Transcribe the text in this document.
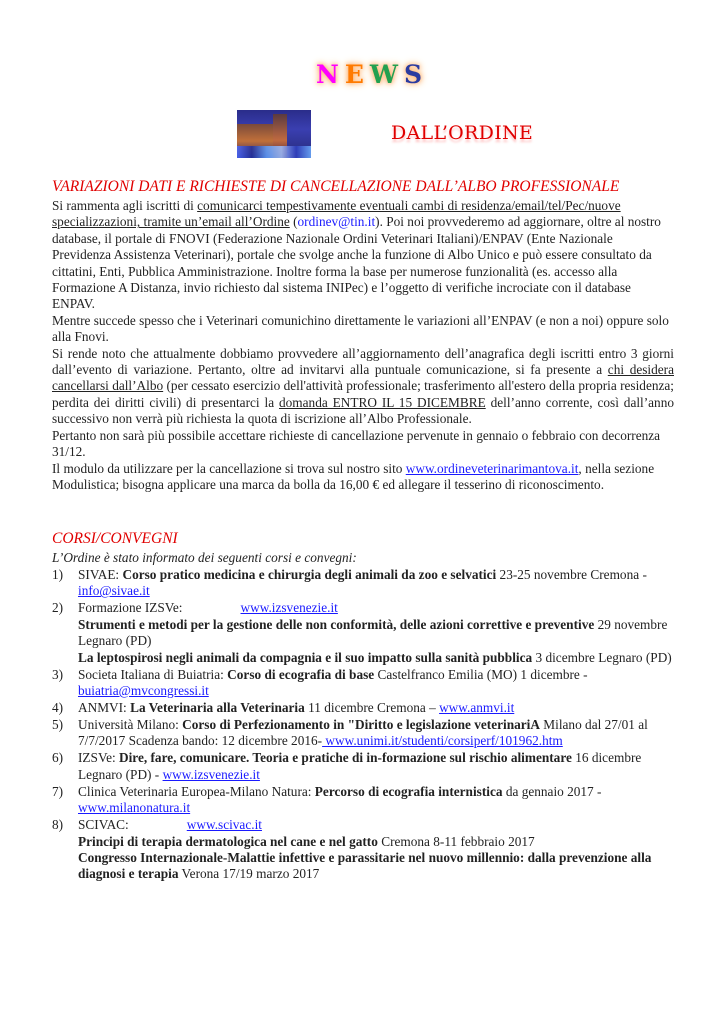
NEWS
DALL’ORDINE
VARIAZIONI DATI E RICHIESTE DI CANCELLAZIONE DALL’ALBO PROFESSIONALE

Si rammenta agli iscritti di comunicarci tempestivamente eventuali cambi di residenza/email/tel/Pec/nuove specializzazioni, tramite un’email all’Ordine (ordinev@tin.it). Poi noi provvederemo ad aggiornare, oltre al nostro database, il portale di FNOVI (Federazione Nazionale Ordini Veterinari Italiani)/ENPAV (Ente Nazionale Previdenza Assistenza Veterinari), portale che svolge anche la funzione di Albo Unico e può essere consultato da cittatini, Enti, Pubblica Amministrazione. Inoltre forma la base per numerose funzionalità (es. accesso alla Formazione A Distanza, invio richiesto dal sistema INIPec) e l’oggetto di verifiche incrociate con il database ENPAV.

Mentre succede spesso che i Veterinari comunichino direttamente le variazioni all’ENPAV (e non a noi) oppure solo alla Fnovi.

Si rende noto che attualmente dobbiamo provvedere all’aggiornamento dell’anagrafica degli iscritti entro 3 giorni dall’evento di variazione. Pertanto, oltre ad invitarvi alla puntuale comunicazione, si fa presente a chi desidera cancellarsi dall’Albo (per cessato esercizio dell'attività professionale; trasferimento all'estero della propria residenza; perdita dei diritti civili) di presentarci la domanda ENTRO IL 15 DICEMBRE dell’anno corrente, così dall’anno successivo non verrà più richiesta la quota di iscrizione all’Albo Professionale.

Pertanto non sarà più possibile accettare richieste di cancellazione pervenute in gennaio o febbraio con decorrenza 31/12.

Il modulo da utilizzare per la cancellazione si trova sul nostro sito www.ordineveterinarimantova.it, nella sezione Modulistica; bisogna applicare una marca da bolla da 16,00 € ed allegare il tesserino di riconoscimento.

CORSI/CONVEGNI

L’Ordine è stato informato dei seguenti corsi e convegni:

1)	SIVAE: Corso pratico medicina e chirurgia degli animali da zoo e selvatici 23-25 novembre Cremona - info@sivae.it
2)	Formazione IZSVe:	www.izsvenezie.it
Strumenti e metodi per la gestione delle non conformità, delle azioni correttive e preventive 29 novembre Legnaro (PD)
La leptospirosi negli animali da compagnia e il suo impatto sulla sanità pubblica 3 dicembre Legnaro (PD)
3)	Societa Italiana di Buiatria: Corso di ecografia di base Castelfranco Emilia (MO) 1 dicembre - buiatria@mvcongressi.it
4)	ANMVI: La Veterinaria alla Veterinaria 11 dicembre Cremona – www.anmvi.it
5)	Università Milano: Corso di Perfezionamento in "Diritto e legislazione veterinariA Milano dal 27/01 al 7/7/2017 Scadenza bando: 12 dicembre 2016- www.unimi.it/studenti/corsiperf/101962.htm
6)	IZSVe: Dire, fare, comunicare. Teoria e pratiche di in-formazione sul rischio alimentare 16 dicembre Legnaro (PD) - www.izsvenezie.it
7)	Clinica Veterinaria Europea-Milano Natura: Percorso di ecografia internistica da gennaio 2017 - www.milanonatura.it
8)	SCIVAC:	www.scivac.it
Principi di terapia dermatologica nel cane e nel gatto Cremona 8-11 febbraio 2017
Congresso Internazionale-Malattie infettive e parassitarie nel nuovo millennio: dalla prevenzione alla diagnosi e terapia Verona 17/19 marzo 2017
